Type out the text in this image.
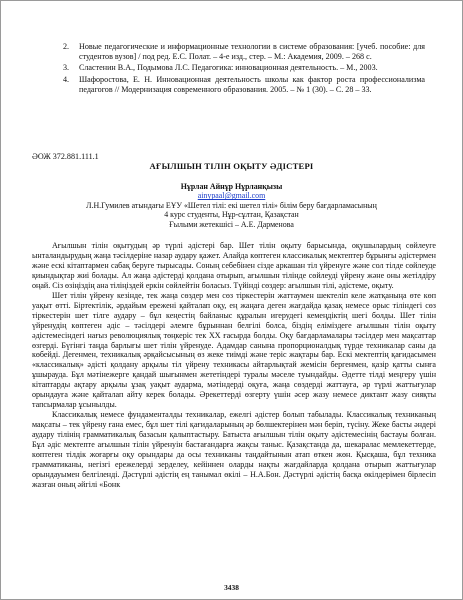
2.	Новые педагогические и информационные технологии в системе образования: [учеб. пособие: для студентов вузов] / под ред. Е.С. Полат. – 4-е изд., стер. – М.: Академия, 2009. – 268 с.
3.	Сластенин В.А., Подымова Л.С. Педагогика: инновационная деятельность. – М., 2003.
4.	Шафоростова, Е. Н. Инновационная деятельность школы как фактор роста профессионализма педагогов // Модернизация современного образования. 2005. – № 1 (30). – С. 28 – 33.
ӘОЖ 372.881.111.1
АҒЫЛШЫН ТІЛІН ОҚЫТУ ӘДІСТЕРІ
Нұрлан Айнұр Нұрланқызы
ainypaal@gmail.com
Л.Н.Гумилев атындағы ЕҰУ «Шетел тілі: екі шетел тілі» білім беру бағдарламасының
4 курс студенты, Нұр-сұлтан, Қазақстан
Ғылыми жетекшісі – А.Е. Дарменова

Ағылшын тілін оқытудың әр түрлі әдістері бар. Шет тілін оқыту барысында, оқушылардың сөйлеуге ынталандырудың жаңа тәсілдеріне назар аудару қажет. Алайда көптеген классикалық мектептер бұрынғы әдістермен және ескі кітаптармен сабақ беруге тырысады. Соның себебінен сізде аркашан тіл үйренуге және сол тілде сөйлеуде қиындықтар жиі болады. Ал жаңа әдістерді қолдана отырып, ағылшын тілінде сөйлеуді үйрену және оны жетілдіру оңай. Сіз өзіңіздің ана тіліңіздей еркін сөйлейтін боласыз. Түйінді сөздер: ағылшын тілі, әдістеме, оқыту.

Шет тілін үйрену кезінде, тек жаңа сөздер мен сөз тіркестерін жаттаумен шектеліп келе жатқаныңа өте көп уақыт өтті. Біртектілік, әрдайым ережені қайталап оқу, ең жаңаға деген жағдайда қазақ немесе орыс тіліндегі сөз тіркестерін шет тілге аудару – бұл кеңестің байланыс құралын игерудегі кемеңдіктің шегі болды. Шет тілін үйренудің көптеген әдіс – тәсілдері әлемге бұрыннан белгілі болса, біздің еліміздеге ағылшын тілін оқыту әдістемесіндегі нағыз революциялық төңкеріс тек ХХ ғасырда болды. Оқу бағдарламалары тәсілдер мен мақсаттар өзгерді. Бүгінгі таңда барлығы шет тілін үйренуде. Адамдар санына пропорционалдық түрде техникалар саны да көбейді. Дегенмен, техникалық әрқайсысының өз жеке тиімді және терiс жақтары бар. Ескі мектептің қағидасымен «классикалық» әдісті қолдану арқылы тіл үйрену техникасы айтарлықтай жемісін бергенмен, қазір қатты сынға ұшырауда. Бұл мәтінежерге қандай шығынмен жететіндері туралы мәселе туындайды. Әдетте тілді меңгеру үшін кітаптарды ақтару арқылы ұзақ уақыт аударма, мәтіндерді оқуға, жаңа сөздерді жаттауға, әр түрлі жаттығулар орындауға және қайталап айту керек болады. Әрекеттерді өзгерту үшін әсер жазу немесе диктант жазу сияқты тапсырмалар ұсынылды.

Классикалық немесе фундаменталды техникалар, ежелгі әдістер болып табылады. Классикалық техниканың мақсаты – тек үйрену ғана емес, бұл шет тілі қағидаларының әр бөлшектерінен мән беріп, түсіну. Жеке басты әндері аудару тілінің грамматикалық базасын қалыптастыру. Батыста ағылшын тілін оқыту әдістемесінің бастауы болған. Бұл әдіс мектепте ағылшын тілін үйренуін бастағандарға жақсы таныс. Қазақстанда да, шекаралас мемлекеттерде, көптеген тілдік жоғарғы оқу орындары да осы техниканы таңдайтынын атап өткен жөн. Қысқаша, бұл техника грамматиканы, негізгі ережелерді зерделеу, кейіннен оларды нақты жағдайларда қолдана отырып жаттығулар орындауымен белгіленді. Дәстүрлі әдістің ең танымал өкілі – Н.А.Бон. Дәстүрлі әдістің басқа өкілдерімен бірлесіп жазған оның әйгілі «Бонк

3438
